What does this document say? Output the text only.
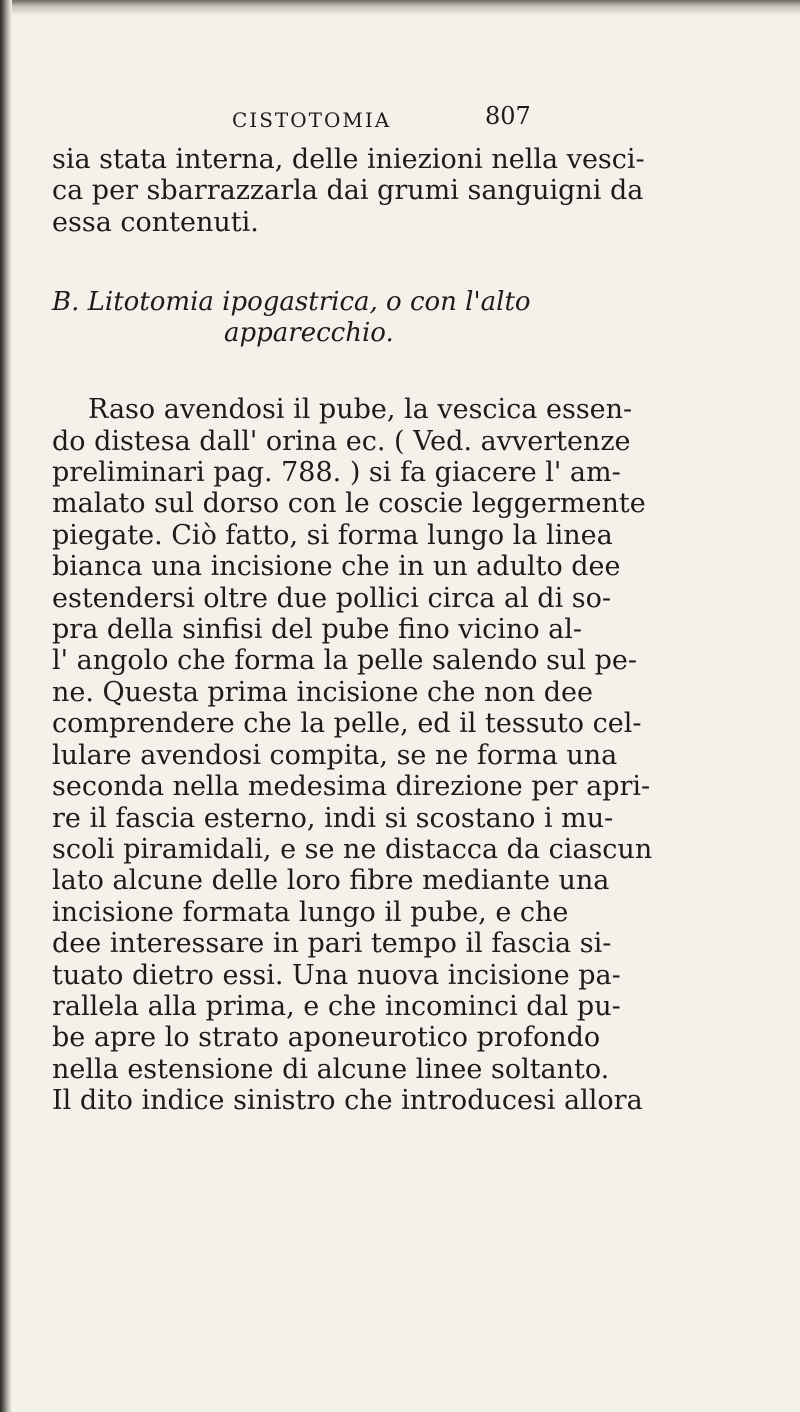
CISTOTOMIA	807
sia stata interna, delle iniezioni nella vesci-
ca per sbarrazzarla dai grumi sanguigni da
essa contenuti.
B. Litotomia ipogastrica, o con l'alto
apparecchio.
Raso avendosi il pube, la vescica essen-
do distesa dall' orina ec. ( Ved. avvertenze
preliminari pag. 788. ) si fa giacere l' am-
malato sul dorso con le coscie leggermente
piegate. Ciò fatto, si forma lungo la linea
bianca una incisione che in un adulto dee
estendersi oltre due pollici circa al di so-
pra della sinfisi del pube fino vicino al-
l' angolo che forma la pelle salendo sul pe-
ne. Questa prima incisione che non dee
comprendere che la pelle, ed il tessuto cel-
lulare avendosi compita, se ne forma una
seconda nella medesima direzione per apri-
re il fascia esterno, indi si scostano i mu-
scoli piramidali, e se ne distacca da ciascun
lato alcune delle loro fibre mediante una
incisione formata lungo il pube, e che
dee interessare in pari tempo il fascia si-
tuato dietro essi. Una nuova incisione pa-
rallela alla prima, e che incominci dal pu-
be apre lo strato aponeurotico profondo
nella estensione di alcune linee soltanto.
Il dito indice sinistro che introducesi allora
